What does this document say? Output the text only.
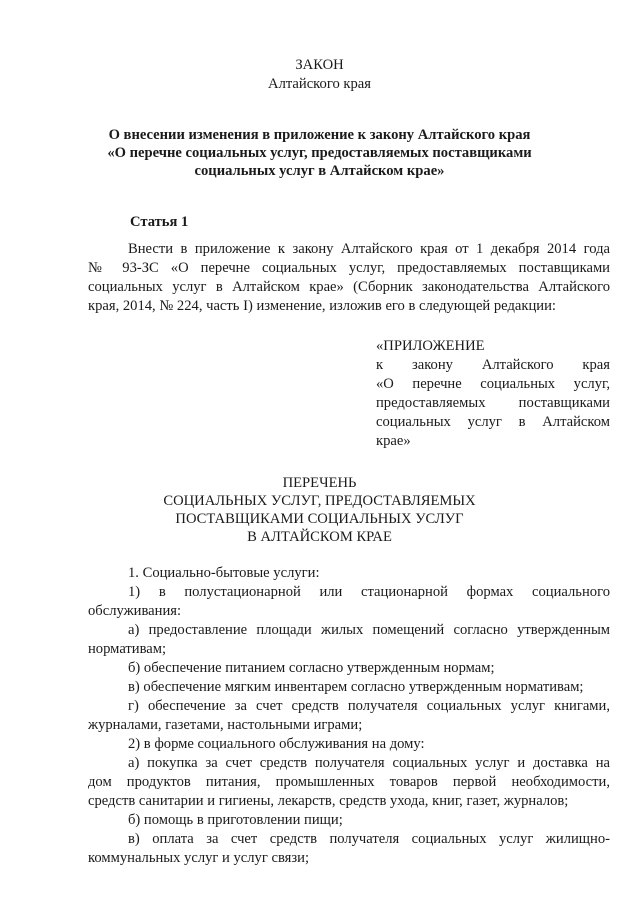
ЗАКОН
Алтайского края
О внесении изменения в приложение к закону Алтайского края
«О перечне социальных услуг, предоставляемых поставщиками
социальных услуг в Алтайском крае»
Статья 1
Внести в приложение к закону Алтайского края от 1 декабря 2014 года
№ 93-ЗС «О перечне социальных услуг, предоставляемых поставщиками
социальных услуг в Алтайском крае» (Сборник законодательства Алтайского
края, 2014, № 224, часть I) изменение, изложив его в следующей редакции:
«ПРИЛОЖЕНИЕ
к закону Алтайского края
«О перечне социальных услуг,
предоставляемых поставщиками
социальных услуг в Алтайском
крае»
ПЕРЕЧЕНЬ
СОЦИАЛЬНЫХ УСЛУГ, ПРЕДОСТАВЛЯЕМЫХ
ПОСТАВЩИКАМИ СОЦИАЛЬНЫХ УСЛУГ
В АЛТАЙСКОМ КРАЕ
1. Социально-бытовые услуги:
1) в полустационарной или стационарной формах социального
обслуживания:
а) предоставление площади жилых помещений согласно утвержденным
нормативам;
б) обеспечение питанием согласно утвержденным нормам;
в) обеспечение мягким инвентарем согласно утвержденным нормативам;
г) обеспечение за счет средств получателя социальных услуг книгами,
журналами, газетами, настольными играми;
2) в форме социального обслуживания на дому:
а) покупка за счет средств получателя социальных услуг и доставка на
дом продуктов питания, промышленных товаров первой необходимости,
средств санитарии и гигиены, лекарств, средств ухода, книг, газет, журналов;
б) помощь в приготовлении пищи;
в) оплата за счет средств получателя социальных услуг жилищно-
коммунальных услуг и услуг связи;
